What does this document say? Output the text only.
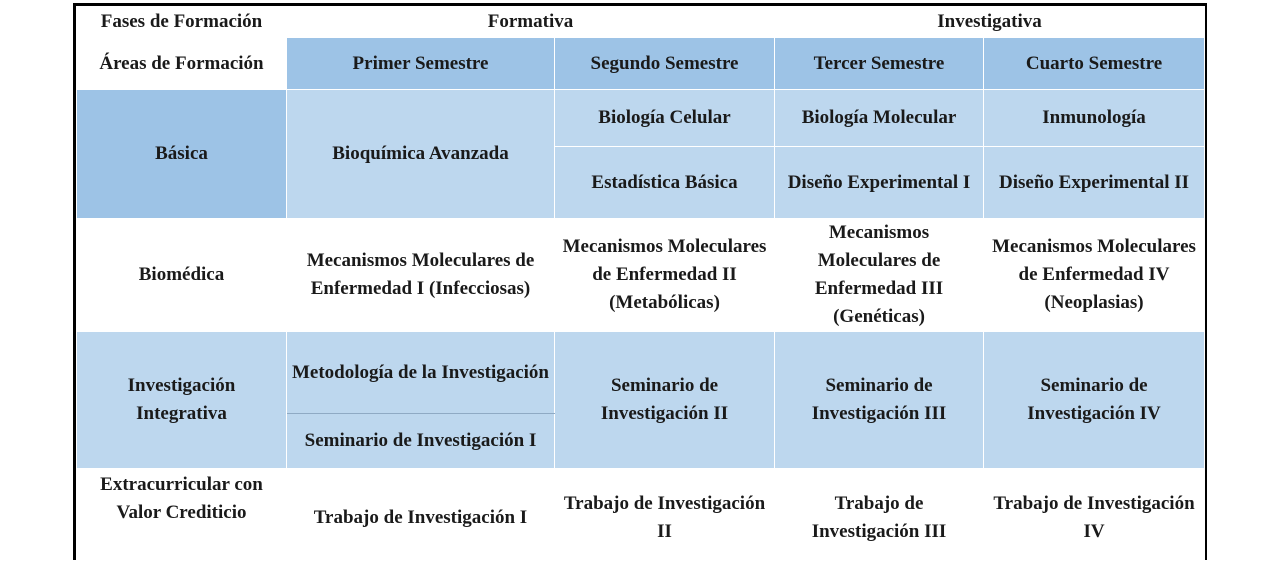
Fases de Formación	Formativa		Investigativa	
Áreas de Formación	Primer Semestre	Segundo Semestre	Tercer Semestre	Cuarto Semestre
Básica	Bioquímica Avanzada	Biología Celular	Biología Molecular	Inmunología
		Estadística Básica	Diseño Experimental I	Diseño Experimental II
Biomédica	Mecanismos Moleculares de Enfermedad I (Infecciosas)	Mecanismos Moleculares de Enfermedad II (Metabólicas)	Mecanismos Moleculares de Enfermedad III (Genéticas)	Mecanismos Moleculares de Enfermedad IV (Neoplasias)
Investigación Integrativa	Metodología de la Investigación	Seminario de Investigación II	Seminario de Investigación III	Seminario de Investigación IV
	Seminario de Investigación I			
Extracurricular con Valor Crediticio	Trabajo de Investigación I	Trabajo de Investigación II	Trabajo de Investigación III	Trabajo de Investigación IV
